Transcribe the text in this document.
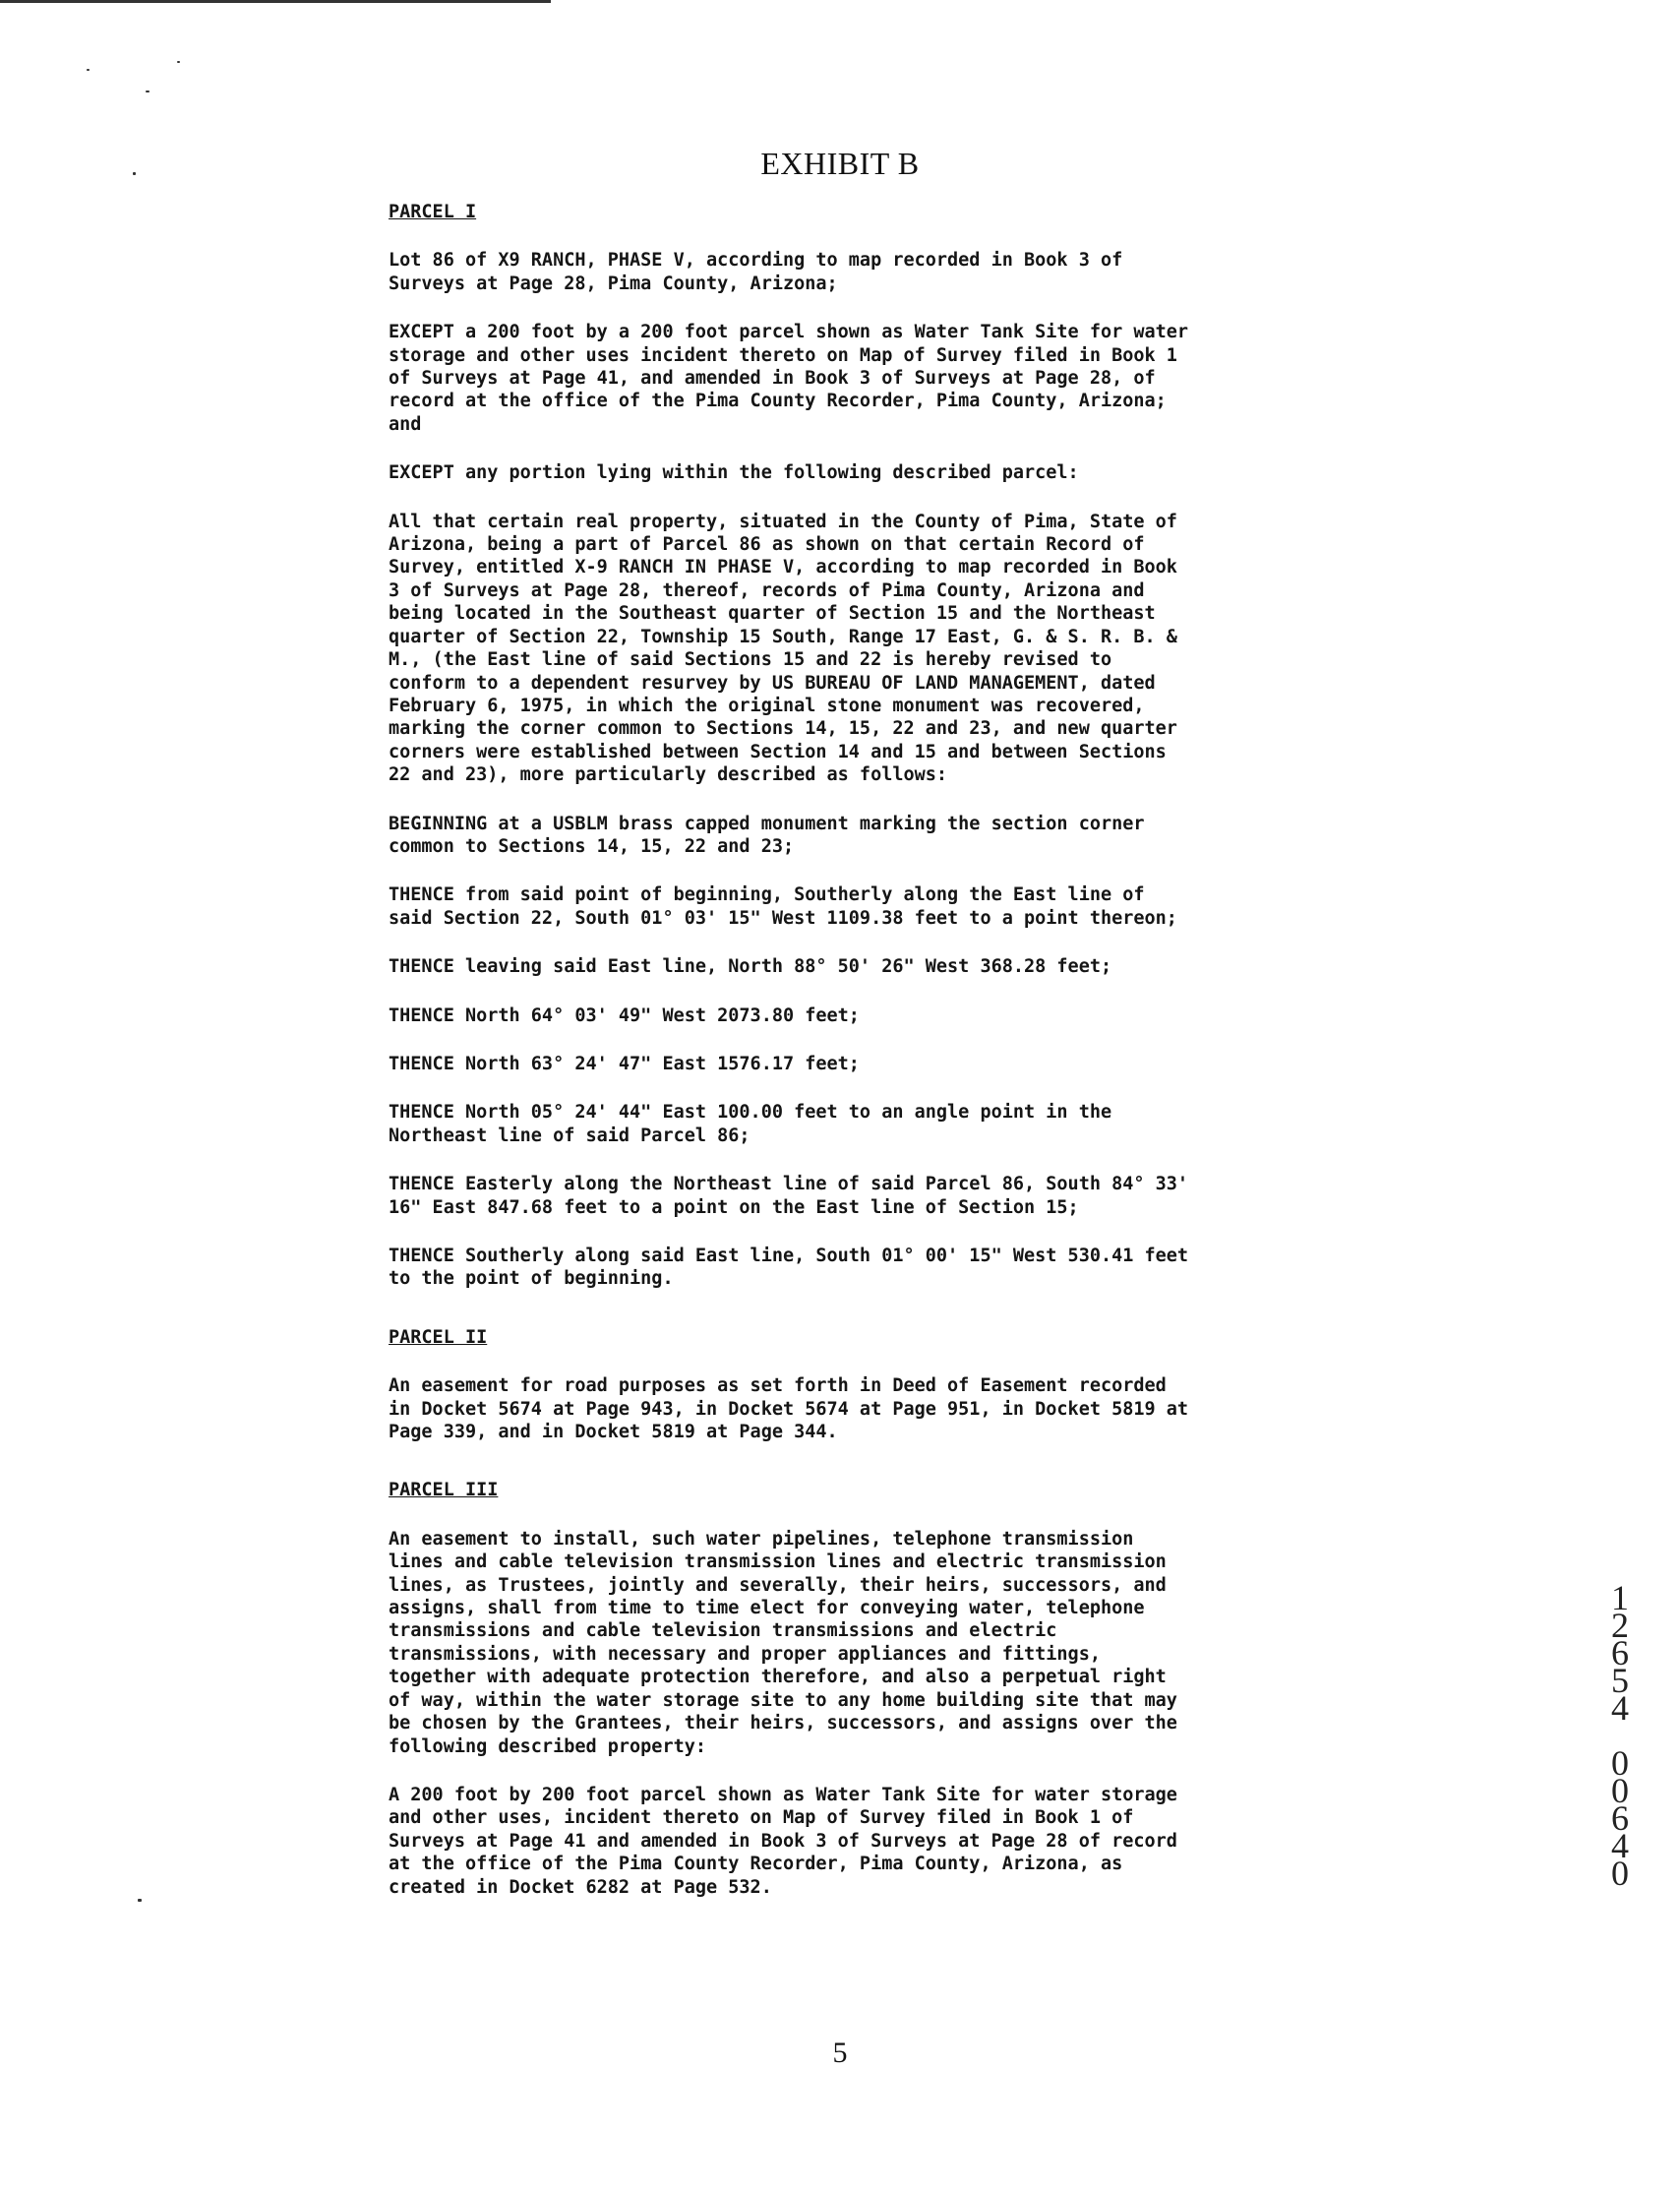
EXHIBIT B
PARCEL I
Lot 86 of X9 RANCH, PHASE V, according to map recorded in Book 3 of
Surveys at Page 28, Pima County, Arizona;
EXCEPT a 200 foot by a 200 foot parcel shown as Water Tank Site for water
storage and other uses incident thereto on Map of Survey filed in Book 1
of Surveys at Page 41, and amended in Book 3 of Surveys at Page 28, of
record at the office of the Pima County Recorder, Pima County, Arizona;
and
EXCEPT any portion lying within the following described parcel:
All that certain real property, situated in the County of Pima, State of
Arizona, being a part of Parcel 86 as shown on that certain Record of
Survey, entitled X-9 RANCH IN PHASE V, according to map recorded in Book
3 of Surveys at Page 28, thereof, records of Pima County, Arizona and
being located in the Southeast quarter of Section 15 and the Northeast
quarter of Section 22, Township 15 South, Range 17 East, G. & S. R. B. &
M., (the East line of said Sections 15 and 22 is hereby revised to
conform to a dependent resurvey by US BUREAU OF LAND MANAGEMENT, dated
February 6, 1975, in which the original stone monument was recovered,
marking the corner common to Sections 14, 15, 22 and 23, and new quarter
corners were established between Section 14 and 15 and between Sections
22 and 23), more particularly described as follows:
BEGINNING at a USBLM brass capped monument marking the section corner
common to Sections 14, 15, 22 and 23;
THENCE from said point of beginning, Southerly along the East line of
said Section 22, South 01° 03' 15" West 1109.38 feet to a point thereon;
THENCE leaving said East line, North 88° 50' 26" West 368.28 feet;
THENCE North 64° 03' 49" West 2073.80 feet;
THENCE North 63° 24' 47" East 1576.17 feet;
THENCE North 05° 24' 44" East 100.00 feet to an angle point in the
Northeast line of said Parcel 86;
THENCE Easterly along the Northeast line of said Parcel 86, South 84° 33'
16" East 847.68 feet to a point on the East line of Section 15;
THENCE Southerly along said East line, South 01° 00' 15" West 530.41 feet
to the point of beginning.
PARCEL II
An easement for road purposes as set forth in Deed of Easement recorded
in Docket 5674 at Page 943, in Docket 5674 at Page 951, in Docket 5819 at
Page 339, and in Docket 5819 at Page 344.
PARCEL III
An easement to install, such water pipelines, telephone transmission
lines and cable television transmission lines and electric transmission
lines, as Trustees, jointly and severally, their heirs, successors, and
assigns, shall from time to time elect for conveying water, telephone
transmissions and cable television transmissions and electric
transmissions, with necessary and proper appliances and fittings,
together with adequate protection therefore, and also a perpetual right
of way, within the water storage site to any home building site that may
be chosen by the Grantees, their heirs, successors, and assigns over the
following described property:
A 200 foot by 200 foot parcel shown as Water Tank Site for water storage
and other uses, incident thereto on Map of Survey filed in Book 1 of
Surveys at Page 41 and amended in Book 3 of Surveys at Page 28 of record
at the office of the Pima County Recorder, Pima County, Arizona, as
created in Docket 6282 at Page 532.
1
2
6
5
4

0
0
6
4
0
5
